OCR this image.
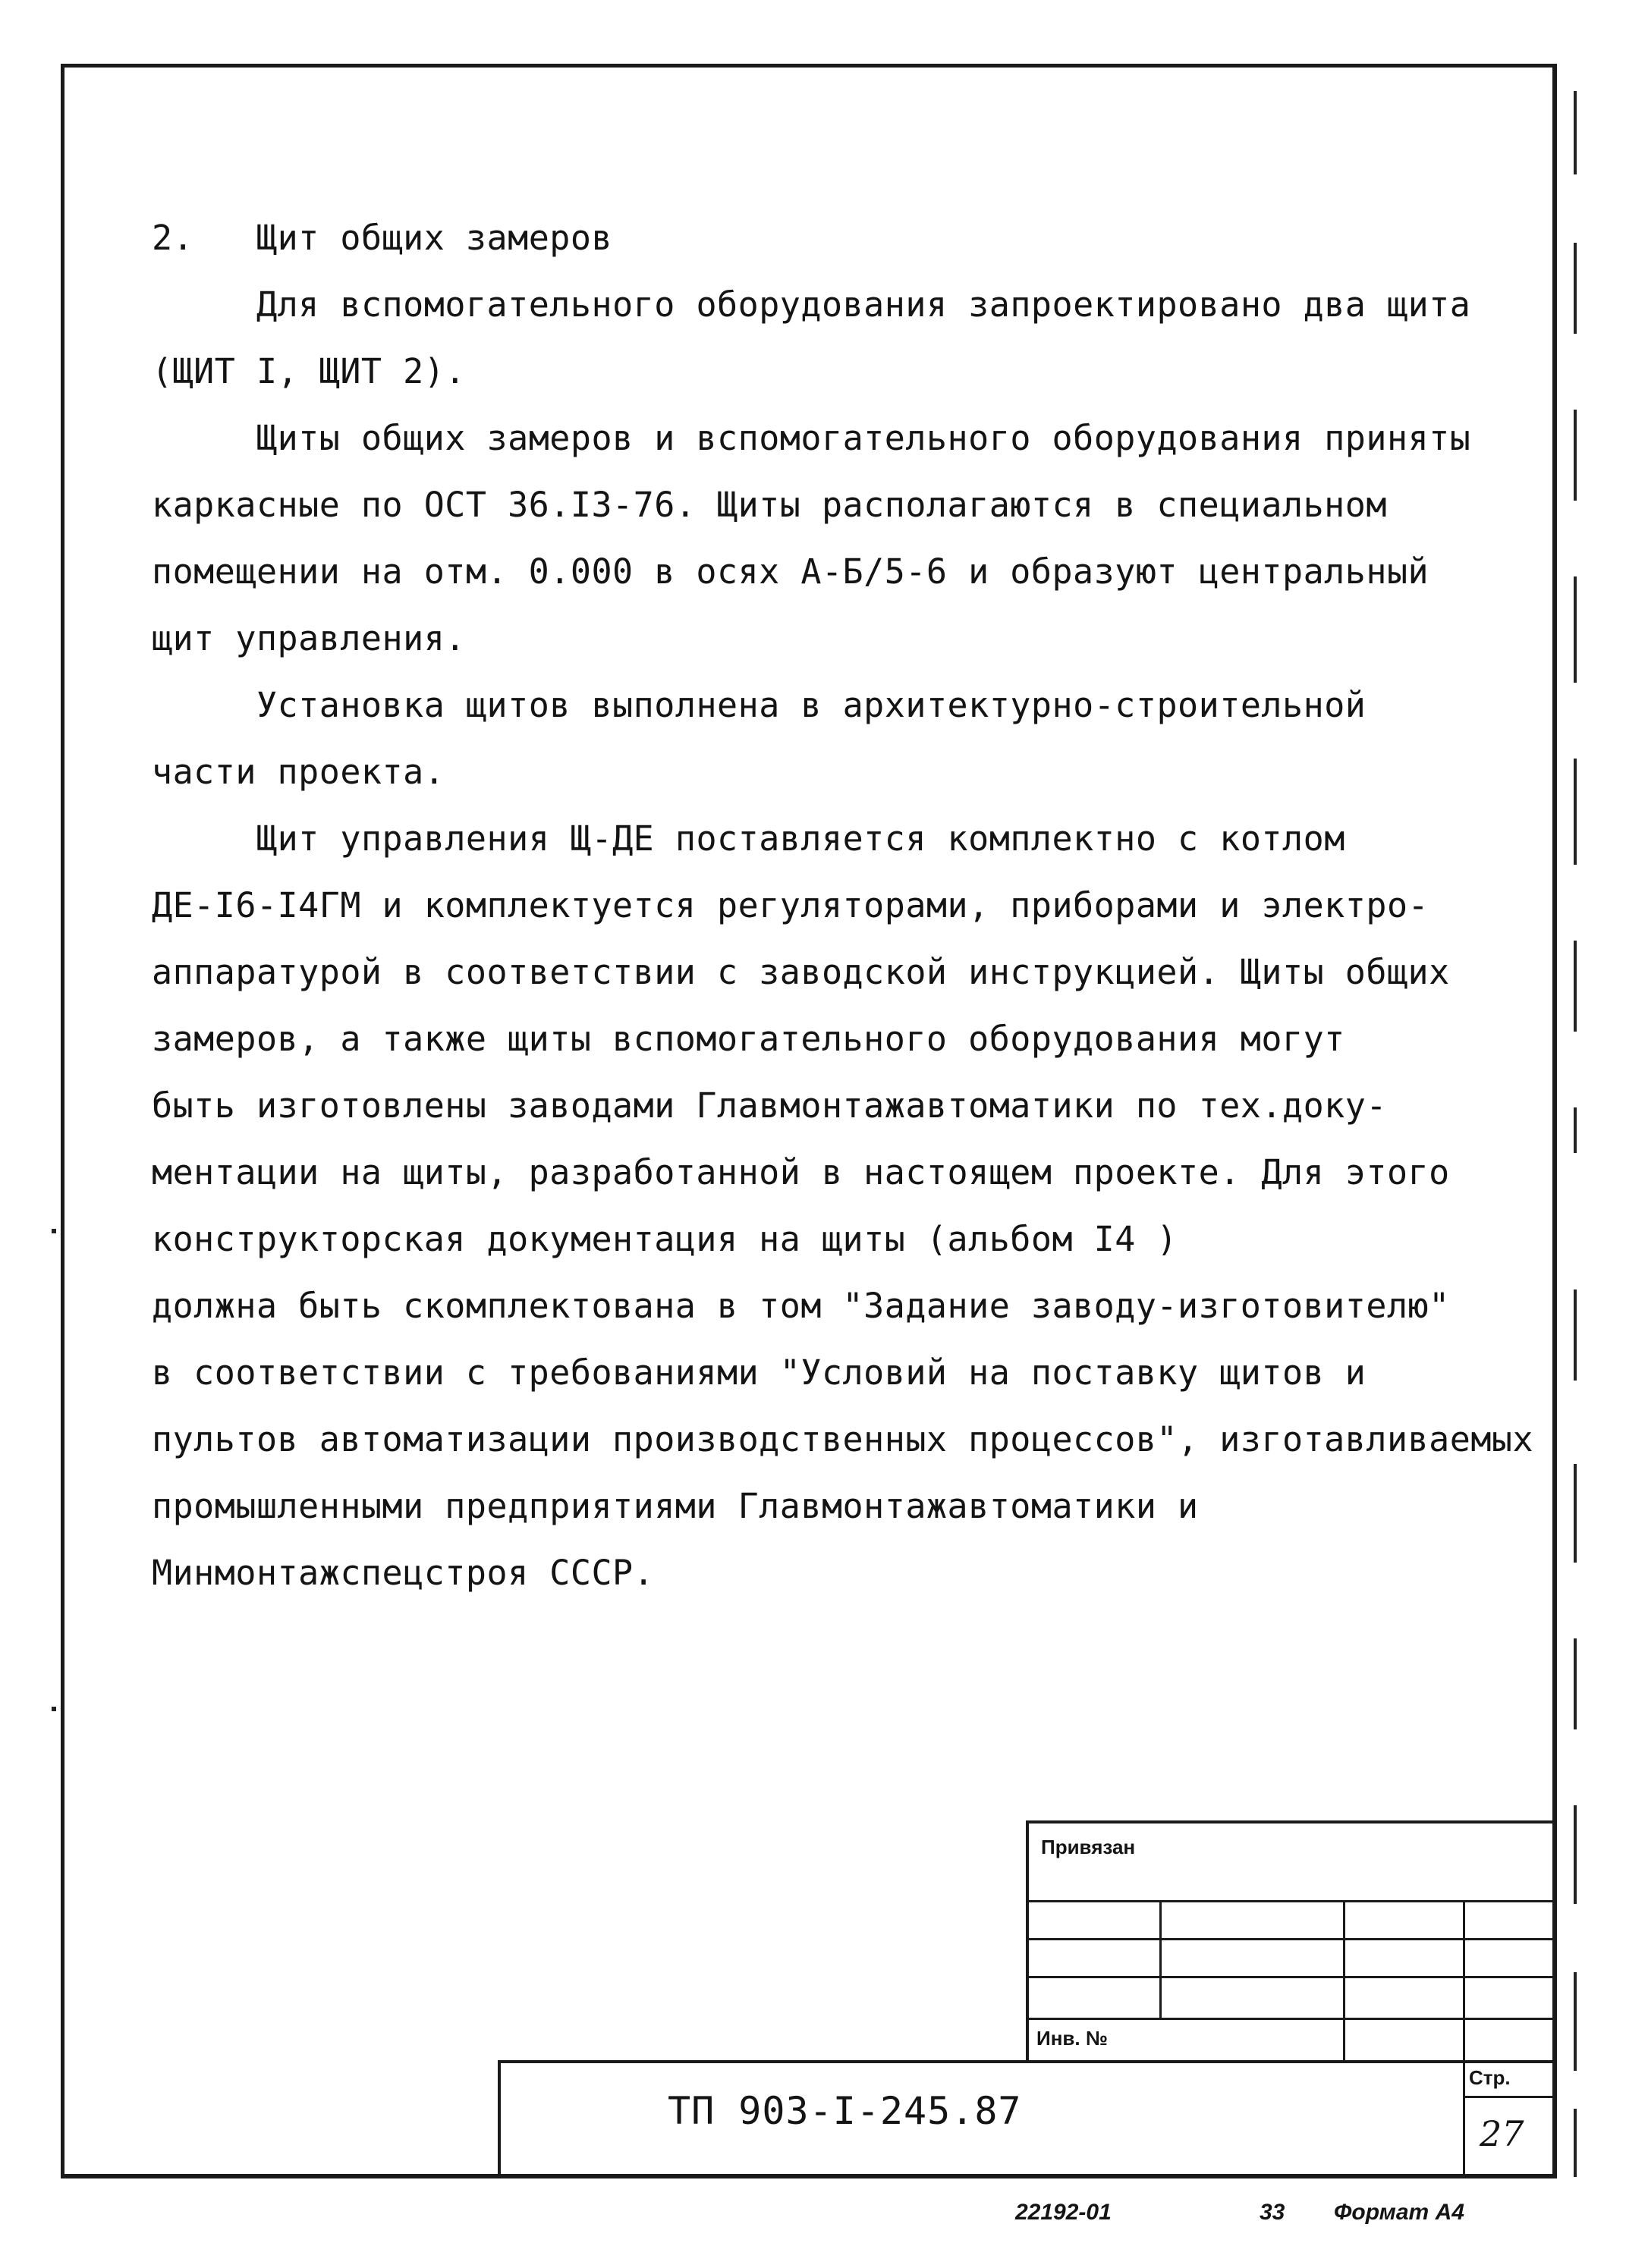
2. Щит общих замеров
Для вспомогательного оборудования запроектировано два щита
(ЩИТ I, ЩИТ 2).
Щиты общих замеров и вспомогательного оборудования приняты
каркасные по ОСТ 36.I3-76. Щиты располагаются в специальном
помещении на отм. 0.000 в осях А-Б/5-6 и образуют центральный
щит управления.
Установка щитов выполнена в архитектурно-строительной
части проекта.
Щит управления Щ-ДЕ поставляется комплектно с котлом
ДЕ-I6-I4ГМ и комплектуется регуляторами, приборами и электро-
аппаратурой в соответствии с заводской инструкцией. Щиты общих
замеров, а также щиты вспомогательного оборудования могут
быть изготовлены заводами Главмонтажавтоматики по тех.доку-
ментации на щиты, разработанной в настоящем проекте. Для этого
конструкторская документация на щиты (альбом I4 )
должна быть скомплектована в том "Задание заводу-изготовителю"
в соответствии с требованиями "Условий на поставку щитов и
пультов автоматизации производственных процессов", изготавливаемых
промышленными предприятиями Главмонтажавтоматики и
Минмонтажспецстроя СССР.
Привязан
Инв. №
Стр.
ТП 903-I-245.87
27
22192-01	33 Формат А4
